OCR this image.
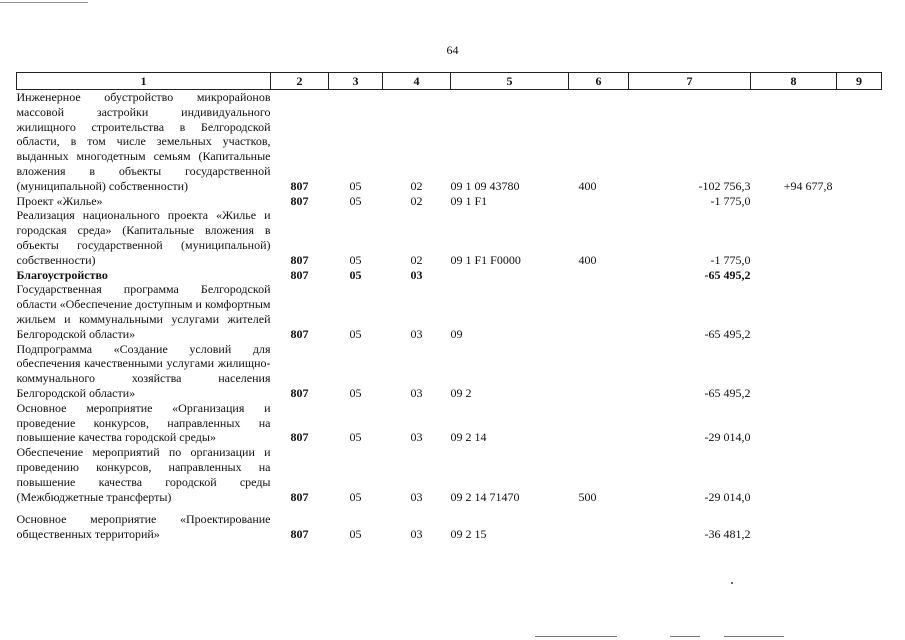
64
1	2	3	4	5	6	7	8	9
Инженерное обустройство микрорайонов массовой застройки индивидуального жилищного строительства в Белгородской области, в том числе земельных участков, выданных многодетным семьям (Капитальные вложения в объекты государственной (муниципальной) собственности)	807	05	02	09 1 09 43780	400	-102 756,3	+94 677,8	
Проект «Жилье»	807	05	02	09 1 F1		-1 775,0		
Реализация национального проекта «Жилье и городская среда» (Капитальные вложения в объекты государственной (муниципальной) собственности)	807	05	02	09 1 F1 F0000	400	-1 775,0		
Благоустройство	807	05	03			-65 495,2		
Государственная программа Белгородской области «Обеспечение доступным и комфортным жильем и коммунальными услугами жителей Белгородской области»	807	05	03	09		-65 495,2		
Подпрограмма «Создание условий для обеспечения качественными услугами жилищно-коммунального хозяйства населения Белгородской области»	807	05	03	09 2		-65 495,2		
Основное мероприятие «Организация и проведение конкурсов, направленных на повышение качества городской среды»	807	05	03	09 2 14		-29 014,0		
Обеспечение мероприятий по организации и проведению конкурсов, направленных на повышение качества городской среды (Межбюджетные трансферты)	807	05	03	09 2 14 71470	500	-29 014,0		
Основное мероприятие «Проектирование общественных территорий»	807	05	03	09 2 15		-36 481,2		
